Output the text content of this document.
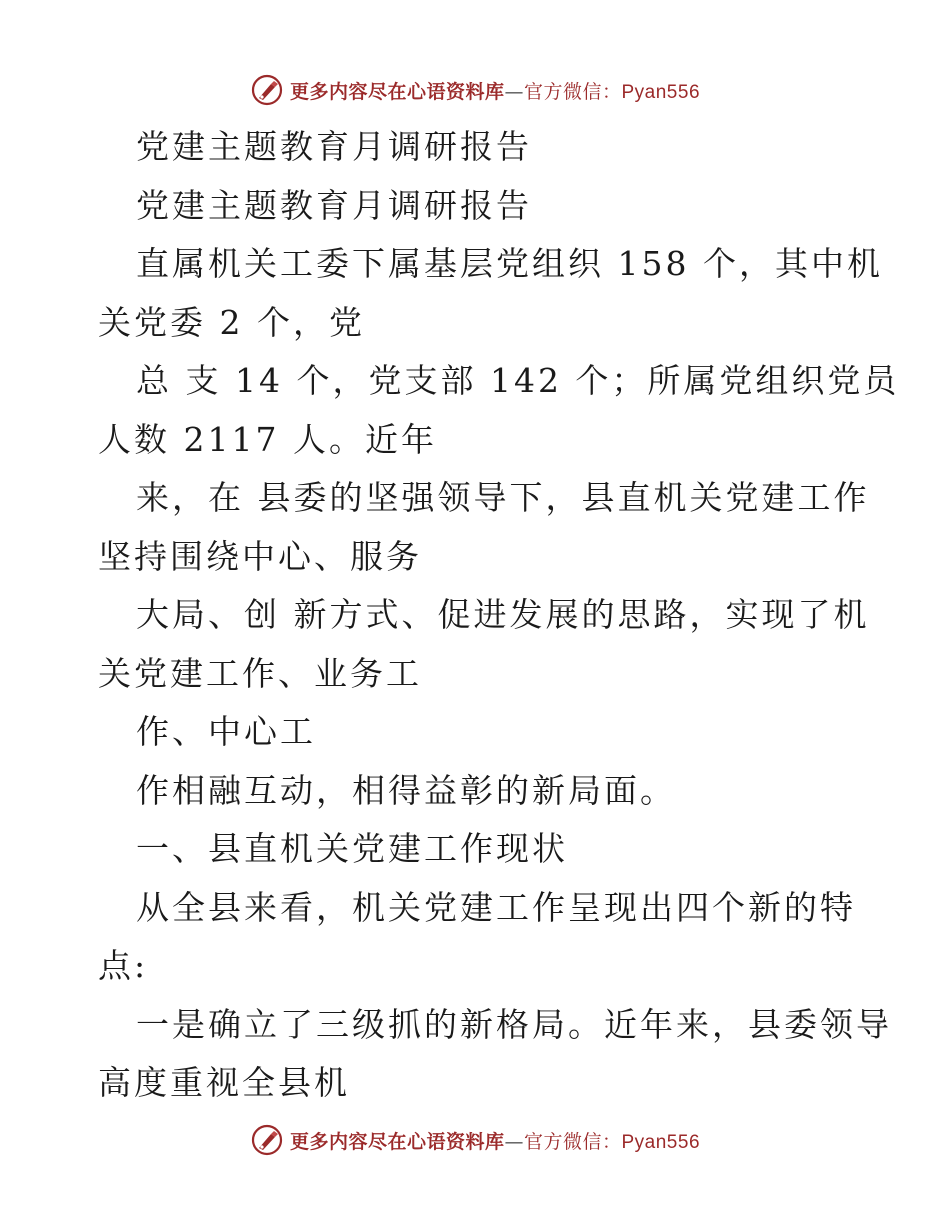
更多内容尽在心语资料库—官方微信：Pyan556
党建主题教育月调研报告
党建主题教育月调研报告
直属机关工委下属基层党组织 158 个，其中机
关党委 2 个，党
总 支 14 个，党支部 142 个；所属党组织党员
人数 2117 人。近年
来，在 县委的坚强领导下，县直机关党建工作
坚持围绕中心、服务
大局、创 新方式、促进发展的思路，实现了机
关党建工作、业务工
作、中心工
作相融互动，相得益彰的新局面。
一、县直机关党建工作现状
从全县来看，机关党建工作呈现出四个新的特
点:
一是确立了三级抓的新格局。近年来，县委领导
高度重视全县机
更多内容尽在心语资料库—官方微信：Pyan556
